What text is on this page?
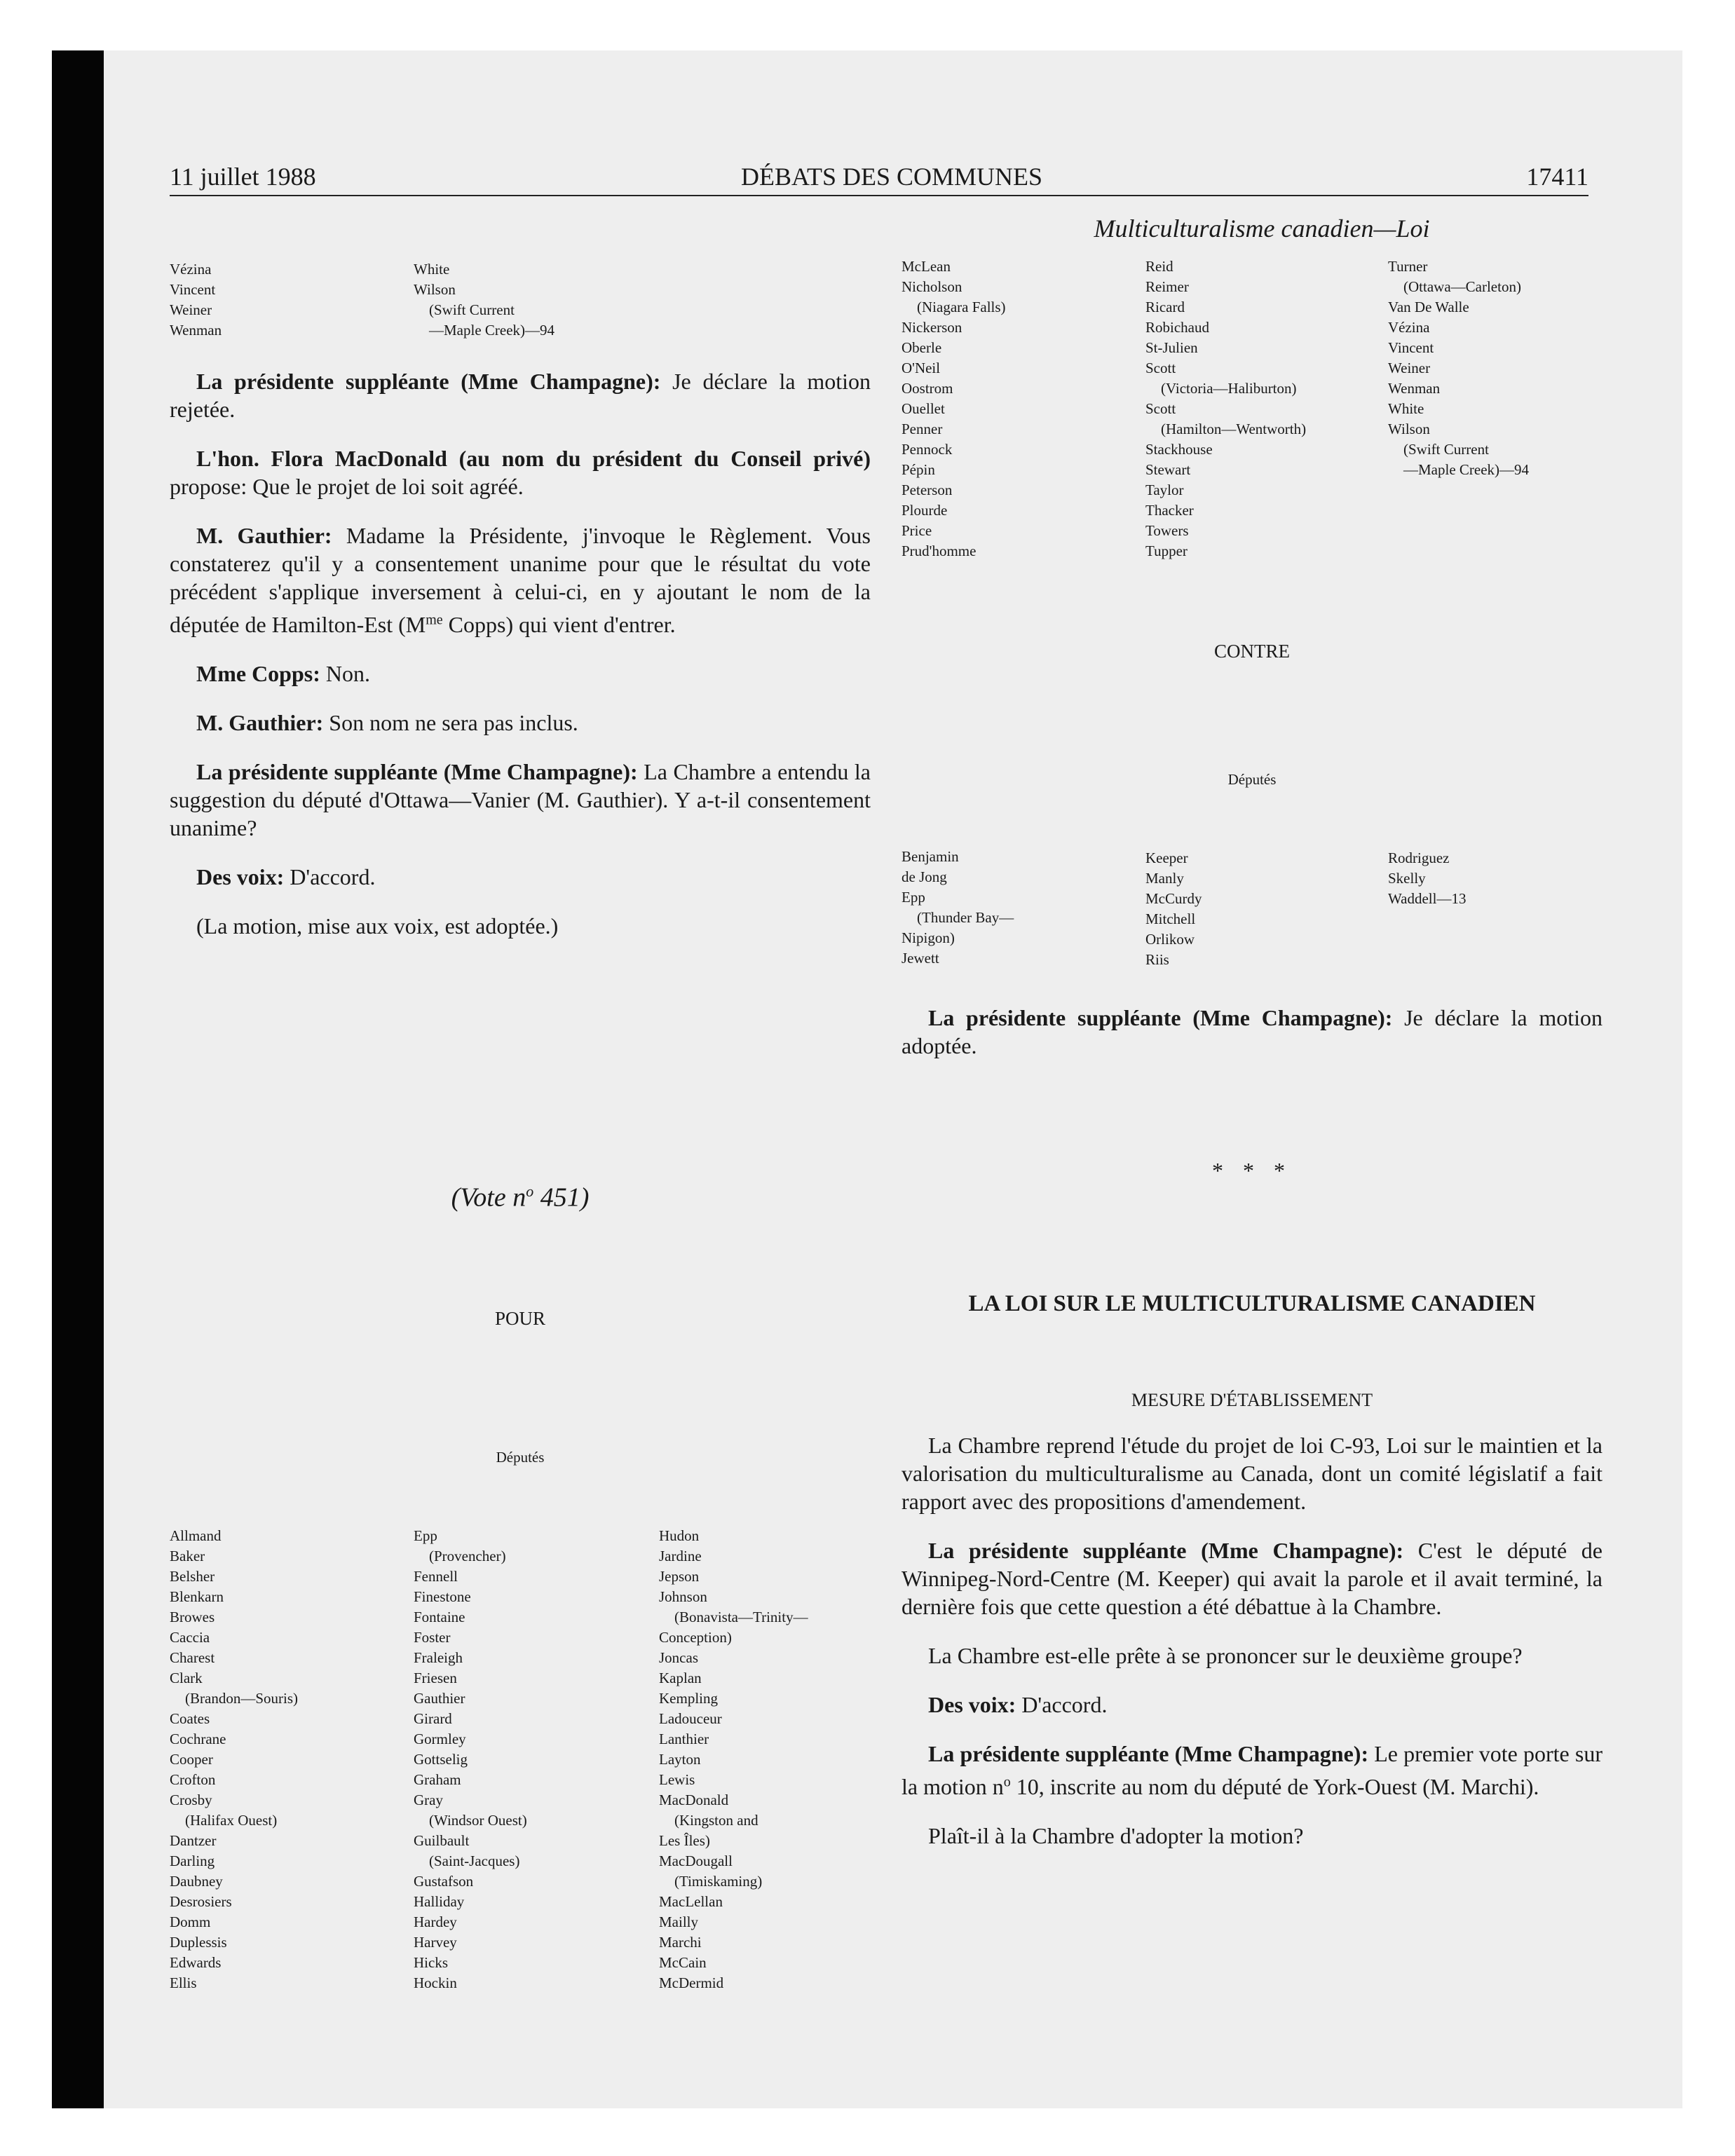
11 juillet 1988	DÉBATS DES COMMUNES	17411
Multiculturalisme canadien—Loi
Vézina
Vincent
Weiner
Wenman
White
Wilson
(Swift Current
—Maple Creek)—94

La présidente suppléante (Mme Champagne): Je déclare la motion rejetée.

L'hon. Flora MacDonald (au nom du président du Conseil privé) propose: Que le projet de loi soit agréé.

M. Gauthier: Madame la Présidente, j'invoque le Règlement. Vous constaterez qu'il y a consentement unanime pour que le résultat du vote précédent s'applique inversement à celui-ci, en y ajoutant le nom de la députée de Hamilton-Est ($M^{me}$ Copps) qui vient d'entrer.

Mme Copps: Non.

M. Gauthier: Son nom ne sera pas inclus.

La présidente suppléante (Mme Champagne): La Chambre a entendu la suggestion du député d'Ottawa—Vanier (M. Gauthier). Y a-t-il consentement unanime?

Des voix: D'accord.

(La motion, mise aux voix, est adoptée.)

(Vote $n^o$ 451)
POUR
Députés
Allmand
Baker
Belsher
Blenkarn
Browes
Caccia
Charest
Clark
(Brandon—Souris)
Coates
Cochrane
Cooper
Crofton
Crosby
(Halifax Ouest)
Dantzer
Darling
Daubney
Desrosiers
Domm
Duplessis
Edwards
Ellis
Epp
(Provencher)
Fennell
Finestone
Fontaine
Foster
Fraleigh
Friesen
Gauthier
Girard
Gormley
Gottselig
Graham
Gray
(Windsor Ouest)
Guilbault
(Saint-Jacques)
Gustafson
Halliday
Hardey
Harvey
Hicks
Hockin
Hudon
Jardine
Jepson
Johnson
(Bonavista—Trinity—
Conception)
Joncas
Kaplan
Kempling
Ladouceur
Lanthier
Layton
Lewis
MacDonald
(Kingston and
Les Îles)
MacDougall
(Timiskaming)
MacLellan
Mailly
Marchi
McCain
McDermid
McLean
Nicholson
(Niagara Falls)
Nickerson
Oberle
O'Neil
Oostrom
Ouellet
Penner
Pennock
Pépin
Peterson
Plourde
Price
Prud'homme
Reid
Reimer
Ricard
Robichaud
St-Julien
Scott
(Victoria—Haliburton)
Scott
(Hamilton—Wentworth)
Stackhouse
Stewart
Taylor
Thacker
Towers
Tupper
Turner
(Ottawa—Carleton)
Van De Walle
Vézina
Vincent
Weiner
Wenman
White
Wilson
(Swift Current
—Maple Creek)—94
CONTRE
Députés
Benjamin
de Jong
Epp
(Thunder Bay—
Nipigon)
Jewett
Keeper
Manly
McCurdy
Mitchell
Orlikow
Riis
Rodriguez
Skelly
Waddell—13

La présidente suppléante (Mme Champagne): Je déclare la motion adoptée.

* * *
LA LOI SUR LE MULTICULTURALISME CANADIEN
MESURE D'ÉTABLISSEMENT

La Chambre reprend l'étude du projet de loi C-93, Loi sur le maintien et la valorisation du multiculturalisme au Canada, dont un comité législatif a fait rapport avec des propositions d'amendement.

La présidente suppléante (Mme Champagne): C'est le député de Winnipeg-Nord-Centre (M. Keeper) qui avait la parole et il avait terminé, la dernière fois que cette question a été débattue à la Chambre.

La Chambre est-elle prête à se prononcer sur le deuxième groupe?

Des voix: D'accord.

La présidente suppléante (Mme Champagne): Le premier vote porte sur la motion $n^o$ 10, inscrite au nom du député de York-Ouest (M. Marchi).

Plaît-il à la Chambre d'adopter la motion?
